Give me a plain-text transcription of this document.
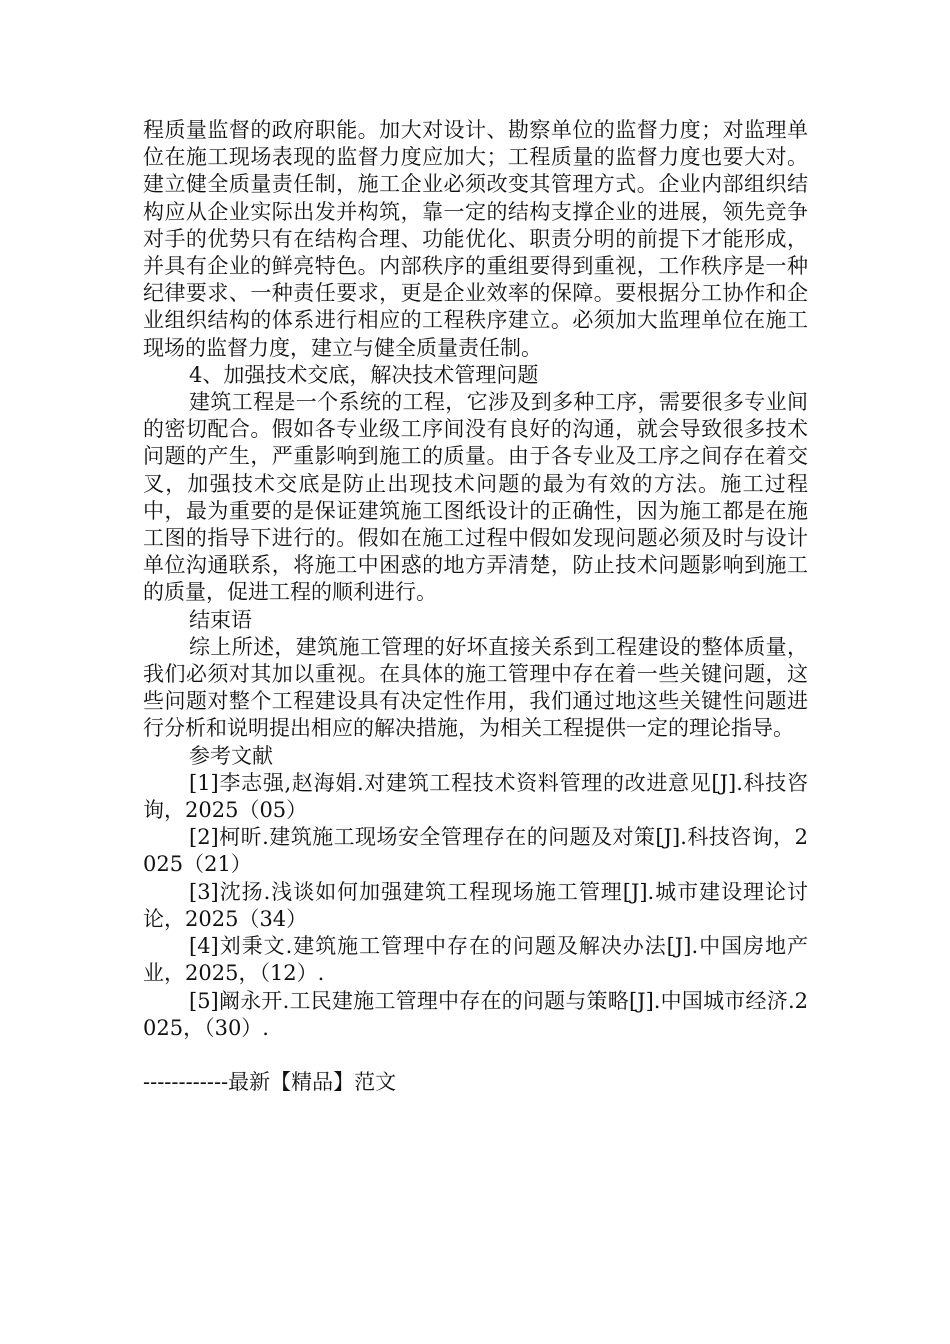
程质量监督的政府职能。加大对设计、勘察单位的监督力度；对监理单位在施工现场表现的监督力度应加大；工程质量的监督力度也要大对。建立健全质量责任制，施工企业必须改变其管理方式。企业内部组织结构应从企业实际出发并构筑，靠一定的结构支撑企业的进展，领先竞争对手的优势只有在结构合理、功能优化、职责分明的前提下才能形成，并具有企业的鲜亮特色。内部秩序的重组要得到重视，工作秩序是一种纪律要求、一种责任要求，更是企业效率的保障。要根据分工协作和企业组织结构的体系进行相应的工程秩序建立。必须加大监理单位在施工现场的监督力度，建立与健全质量责任制。

4、加强技术交底，解决技术管理问题

建筑工程是一个系统的工程，它涉及到多种工序，需要很多专业间的密切配合。假如各专业级工序间没有良好的沟通，就会导致很多技术问题的产生，严重影响到施工的质量。由于各专业及工序之间存在着交叉，加强技术交底是防止出现技术问题的最为有效的方法。施工过程中，最为重要的是保证建筑施工图纸设计的正确性，因为施工都是在施工图的指导下进行的。假如在施工过程中假如发现问题必须及时与设计单位沟通联系，将施工中困惑的地方弄清楚，防止技术问题影响到施工的质量，促进工程的顺利进行。

结束语

综上所述，建筑施工管理的好坏直接关系到工程建设的整体质量，我们必须对其加以重视。在具体的施工管理中存在着一些关键问题，这些问题对整个工程建设具有决定性作用，我们通过地这些关键性问题进行分析和说明提出相应的解决措施，为相关工程提供一定的理论指导。

参考文献

[1]李志强,赵海娟.对建筑工程技术资料管理的改进意见[J].科技咨询，2025（05）

[2]柯昕.建筑施工现场安全管理存在的问题及对策[J].科技咨询，2025（21）

[3]沈扬.浅谈如何加强建筑工程现场施工管理[J].城市建设理论讨论，2025（34）

[4]刘秉文.建筑施工管理中存在的问题及解决办法[J].中国房地产业，2025，（12）.

[5]阚永开.工民建施工管理中存在的问题与策略[J].中国城市经济.2025，（30）.

------------最新【精品】范文
